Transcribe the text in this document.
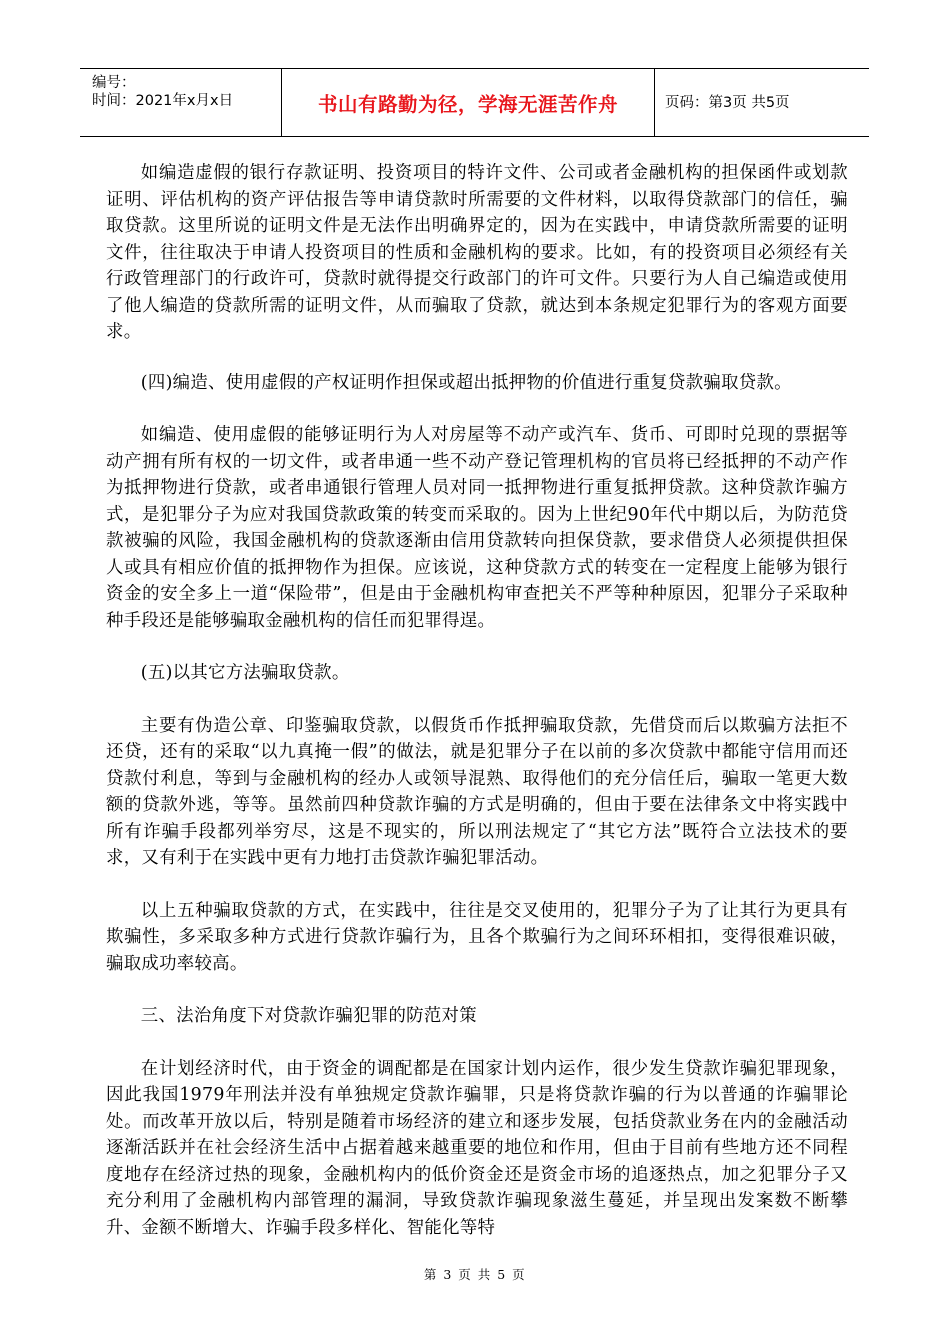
编号：
时间：2021年x月x日	书山有路勤为径，学海无涯苦作舟	页码：第3页 共5页

如编造虚假的银行存款证明、投资项目的特许文件、公司或者金融机构的担保函件或划款证明、评估机构的资产评估报告等申请贷款时所需要的文件材料，以取得贷款部门的信任，骗取贷款。这里所说的证明文件是无法作出明确界定的，因为在实践中，申请贷款所需要的证明文件，往往取决于申请人投资项目的性质和金融机构的要求。比如，有的投资项目必须经有关行政管理部门的行政许可，贷款时就得提交行政部门的许可文件。只要行为人自己编造或使用了他人编造的贷款所需的证明文件，从而骗取了贷款，就达到本条规定犯罪行为的客观方面要求。

(四)编造、使用虚假的产权证明作担保或超出抵押物的价值进行重复贷款骗取贷款。

如编造、使用虚假的能够证明行为人对房屋等不动产或汽车、货币、可即时兑现的票据等动产拥有所有权的一切文件，或者串通一些不动产登记管理机构的官员将已经抵押的不动产作为抵押物进行贷款，或者串通银行管理人员对同一抵押物进行重复抵押贷款。这种贷款诈骗方式，是犯罪分子为应对我国贷款政策的转变而采取的。因为上世纪90年代中期以后，为防范贷款被骗的风险，我国金融机构的贷款逐渐由信用贷款转向担保贷款，要求借贷人必须提供担保人或具有相应价值的抵押物作为担保。应该说，这种贷款方式的转变在一定程度上能够为银行资金的安全多上一道“保险带”，但是由于金融机构审查把关不严等种种原因，犯罪分子采取种种手段还是能够骗取金融机构的信任而犯罪得逞。

(五)以其它方法骗取贷款。

主要有伪造公章、印鉴骗取贷款，以假货币作抵押骗取贷款，先借贷而后以欺骗方法拒不还贷，还有的采取“以九真掩一假”的做法，就是犯罪分子在以前的多次贷款中都能守信用而还贷款付利息，等到与金融机构的经办人或领导混熟、取得他们的充分信任后，骗取一笔更大数额的贷款外逃，等等。虽然前四种贷款诈骗的方式是明确的，但由于要在法律条文中将实践中所有诈骗手段都列举穷尽，这是不现实的，所以刑法规定了“其它方法”既符合立法技术的要求，又有利于在实践中更有力地打击贷款诈骗犯罪活动。

以上五种骗取贷款的方式，在实践中，往往是交叉使用的，犯罪分子为了让其行为更具有欺骗性，多采取多种方式进行贷款诈骗行为，且各个欺骗行为之间环环相扣，变得很难识破，骗取成功率较高。

三、法治角度下对贷款诈骗犯罪的防范对策

在计划经济时代，由于资金的调配都是在国家计划内运作，很少发生贷款诈骗犯罪现象，因此我国1979年刑法并没有单独规定贷款诈骗罪，只是将贷款诈骗的行为以普通的诈骗罪论处。而改革开放以后，特别是随着市场经济的建立和逐步发展，包括贷款业务在内的金融活动逐渐活跃并在社会经济生活中占据着越来越重要的地位和作用，但由于目前有些地方还不同程度地存在经济过热的现象，金融机构内的低价资金还是资金市场的追逐热点，加之犯罪分子又充分利用了金融机构内部管理的漏洞，导致贷款诈骗现象滋生蔓延，并呈现出发案数不断攀升、金额不断增大、诈骗手段多样化、智能化等特

第 3 页 共 5 页
